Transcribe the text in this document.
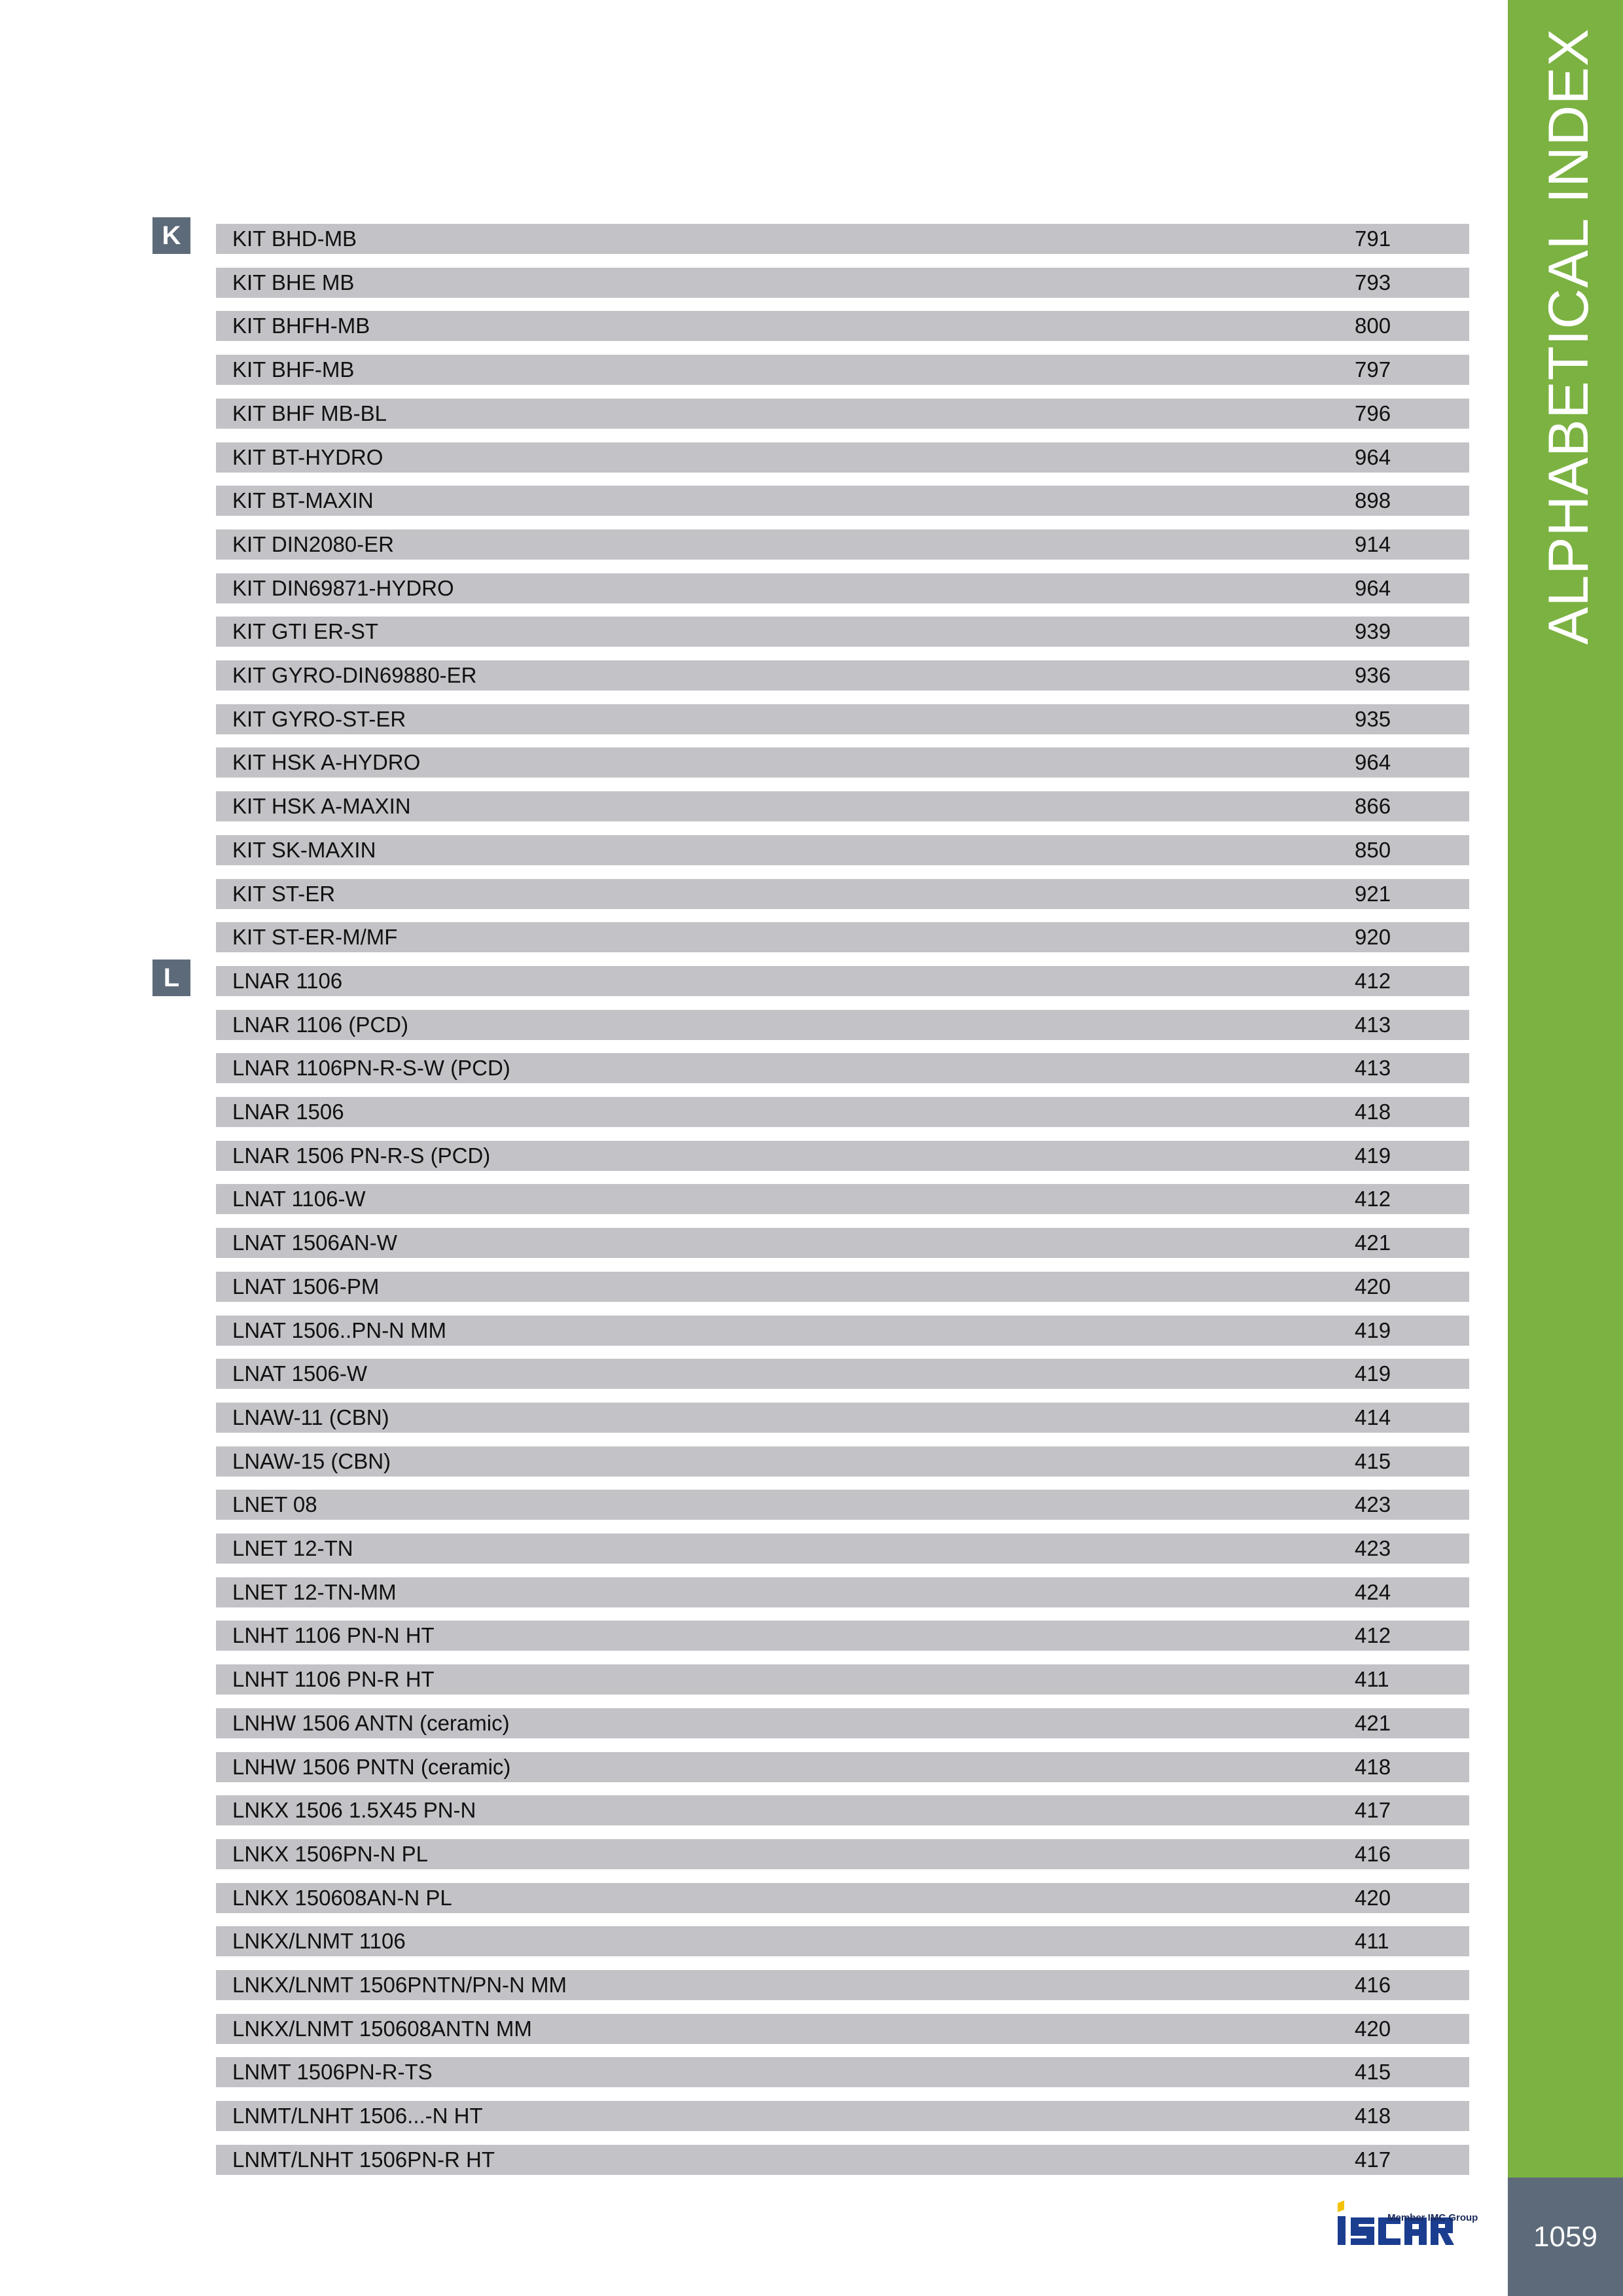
ALPHABETICAL INDEX
1059
K
L
KIT BHD-MB	791
KIT BHE MB	793
KIT BHFH-MB	800
KIT BHF-MB	797
KIT BHF MB-BL	796
KIT BT-HYDRO	964
KIT BT-MAXIN	898
KIT DIN2080-ER	914
KIT DIN69871-HYDRO	964
KIT GTI ER-ST	939
KIT GYRO-DIN69880-ER	936
KIT GYRO-ST-ER	935
KIT HSK A-HYDRO	964
KIT HSK A-MAXIN	866
KIT SK-MAXIN	850
KIT ST-ER	921
KIT ST-ER-M/MF	920
LNAR 1106	412
LNAR 1106 (PCD)	413
LNAR 1106PN-R-S-W (PCD)	413
LNAR 1506	418
LNAR 1506 PN-R-S (PCD)	419
LNAT 1106-W	412
LNAT 1506AN-W	421
LNAT 1506-PM	420
LNAT 1506..PN-N MM	419
LNAT 1506-W	419
LNAW-11 (CBN)	414
LNAW-15 (CBN)	415
LNET 08	423
LNET 12-TN	423
LNET 12-TN-MM	424
LNHT 1106 PN-N HT	412
LNHT 1106 PN-R HT	411
LNHW 1506 ANTN (ceramic)	421
LNHW 1506 PNTN (ceramic)	418
LNKX 1506 1.5X45 PN-N	417
LNKX 1506PN-N PL	416
LNKX 150608AN-N PL	420
LNKX/LNMT 1106	411
LNKX/LNMT 1506PNTN/PN-N MM	416
LNKX/LNMT 150608ANTN MM	420
LNMT 1506PN-R-TS	415
LNMT/LNHT 1506...-N HT	418
LNMT/LNHT 1506PN-R HT	417
Member IMC Group
